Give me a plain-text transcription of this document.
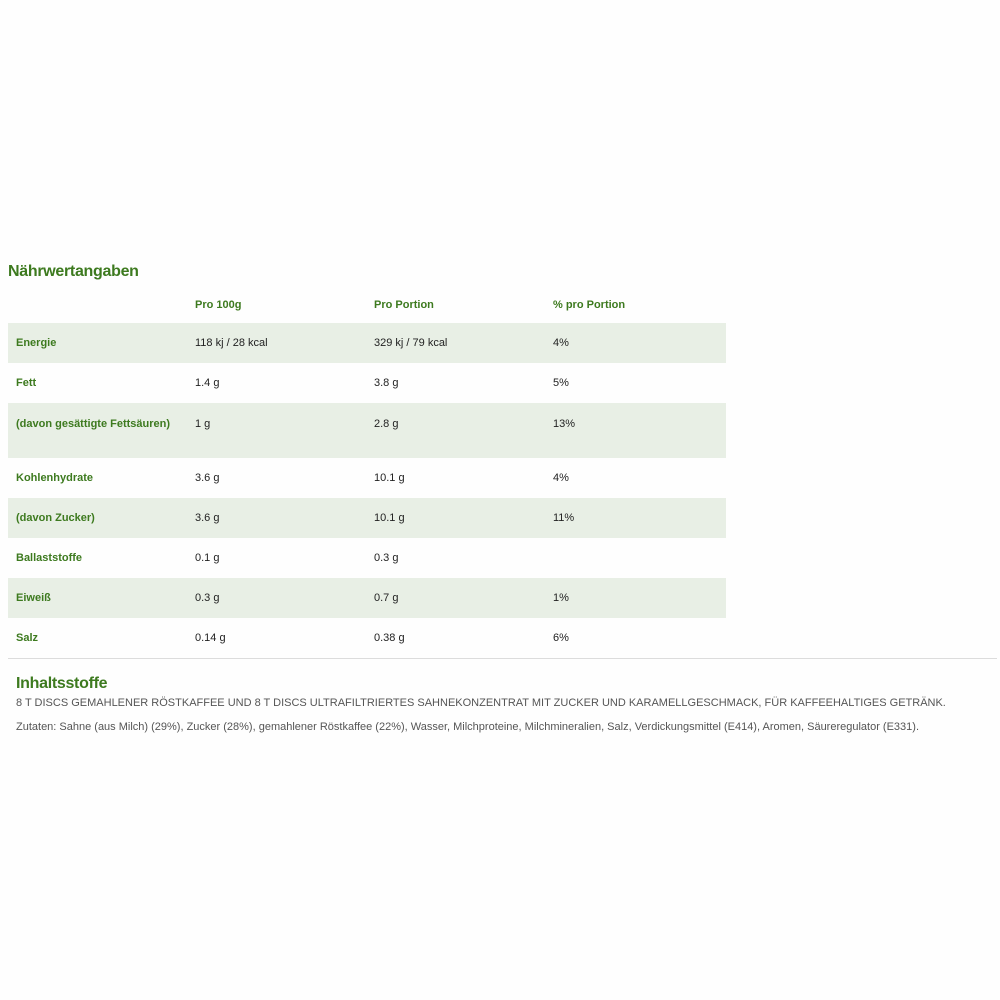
Nährwertangaben
	Pro 100g	Pro Portion	% pro Portion
Energie	118 kj / 28 kcal	329 kj / 79 kcal	4%
Fett	1.4 g	3.8 g	5%
(davon gesättigte Fettsäuren)	1 g	2.8 g	13%
Kohlenhydrate	3.6 g	10.1 g	4%
(davon Zucker)	3.6 g	10.1 g	11%
Ballaststoffe	0.1 g	0.3 g	
Eiweiß	0.3 g	0.7 g	1%
Salz	0.14 g	0.38 g	6%
Inhaltsstoffe

8 T DISCS GEMAHLENER RÖSTKAFFEE UND 8 T DISCS ULTRAFILTRIERTES SAHNEKONZENTRAT MIT ZUCKER UND KARAMELLGESCHMACK, FÜR KAFFEEHALTIGES GETRÄNK.

Zutaten: Sahne (aus Milch) (29%), Zucker (28%), gemahlener Röstkaffee (22%), Wasser, Milchproteine, Milchmineralien, Salz, Verdickungsmittel (E414), Aromen, Säureregulator (E331).
